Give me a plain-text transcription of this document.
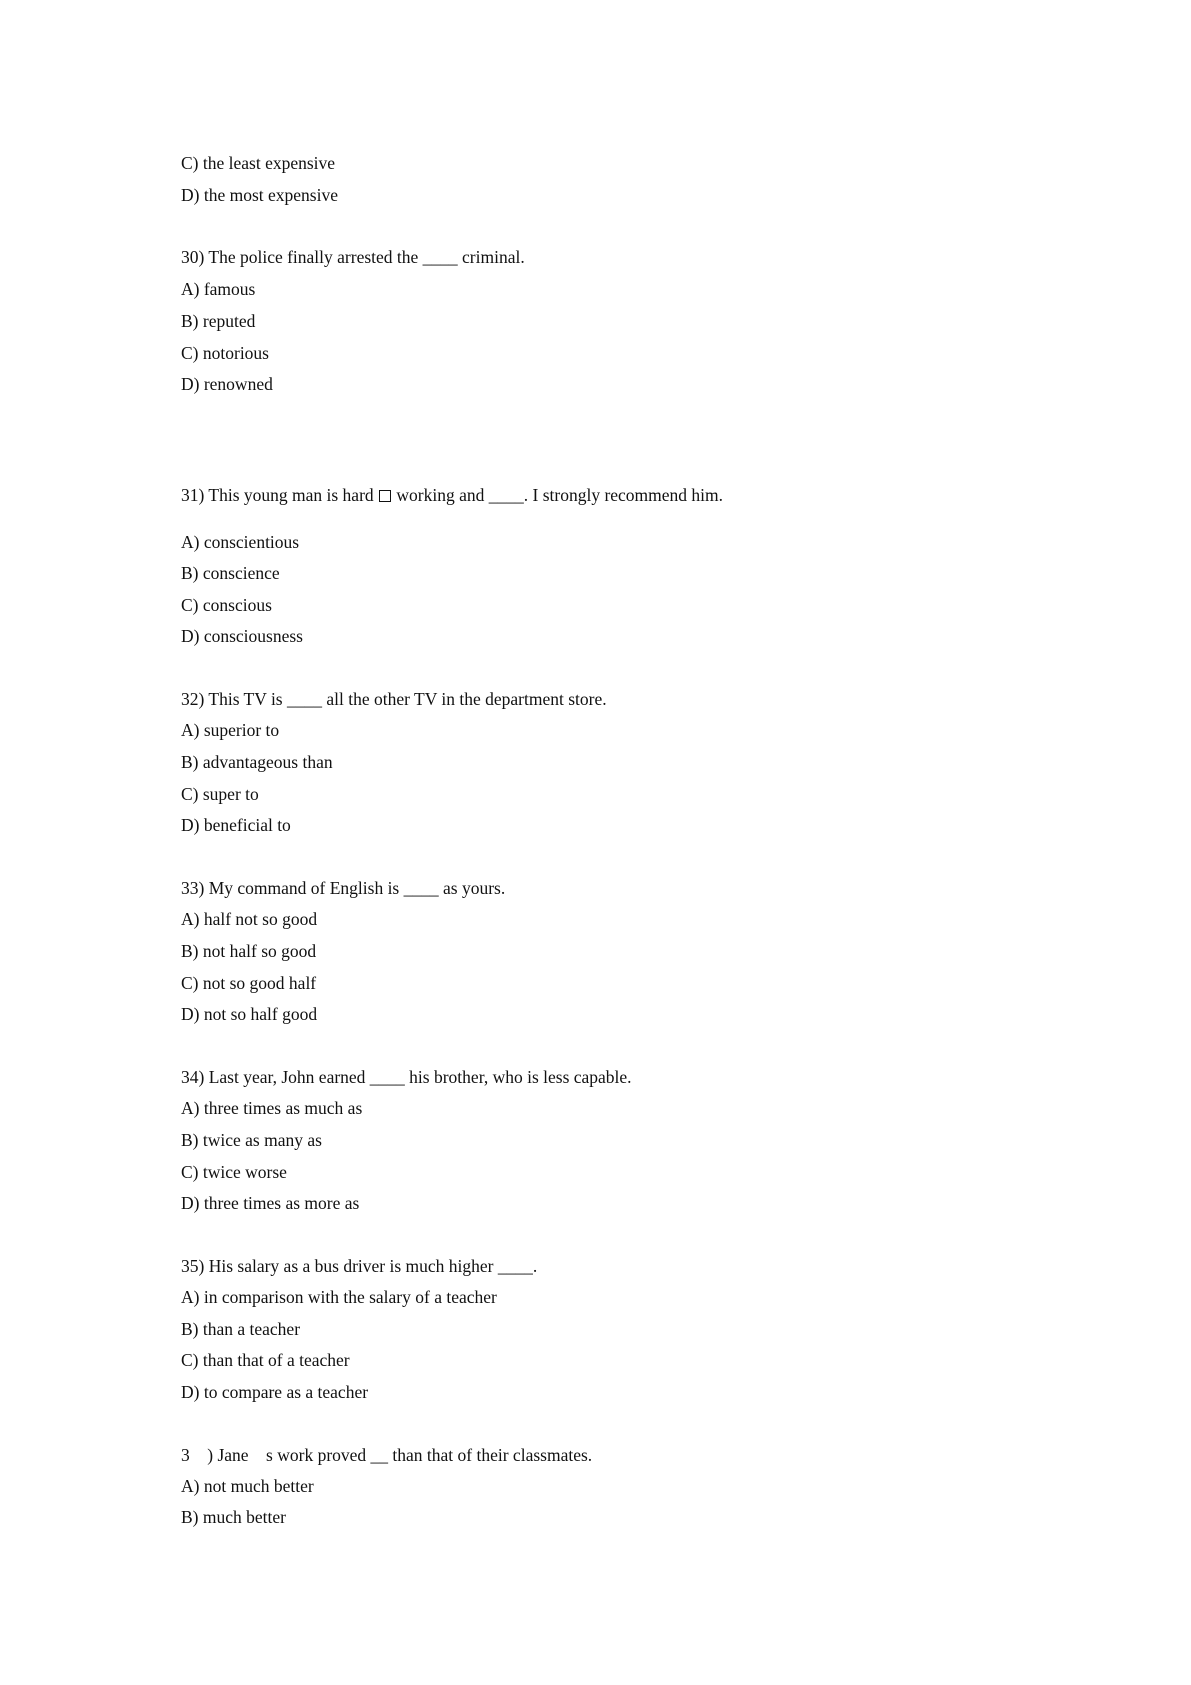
C) the least expensive
D) the most expensive
30) The police finally arrested the ____ criminal.
A) famous
B) reputed
C) notorious
D) renowned
31) This young man is hard  working and ____. I strongly recommend him.
A) conscientious
B) conscience
C) conscious
D) consciousness
32) This TV is ____ all the other TV in the department store.
A) superior to
B) advantageous than
C) super to
D) beneficial to
33) My command of English is ____ as yours.
A) half not so good
B) not half so good
C) not so good half
D) not so half good
34) Last year, John earned ____ his brother, who is less capable.
A) three times as much as
B) twice as many as
C) twice worse
D) three times as more as
35) His salary as a bus driver is much higher ____.
A) in comparison with the salary of a teacher
B) than a teacher
C) than that of a teacher
D) to compare as a teacher
3    ) Jane    s work proved __ than that of their classmates.
A) not much better
B) much better
